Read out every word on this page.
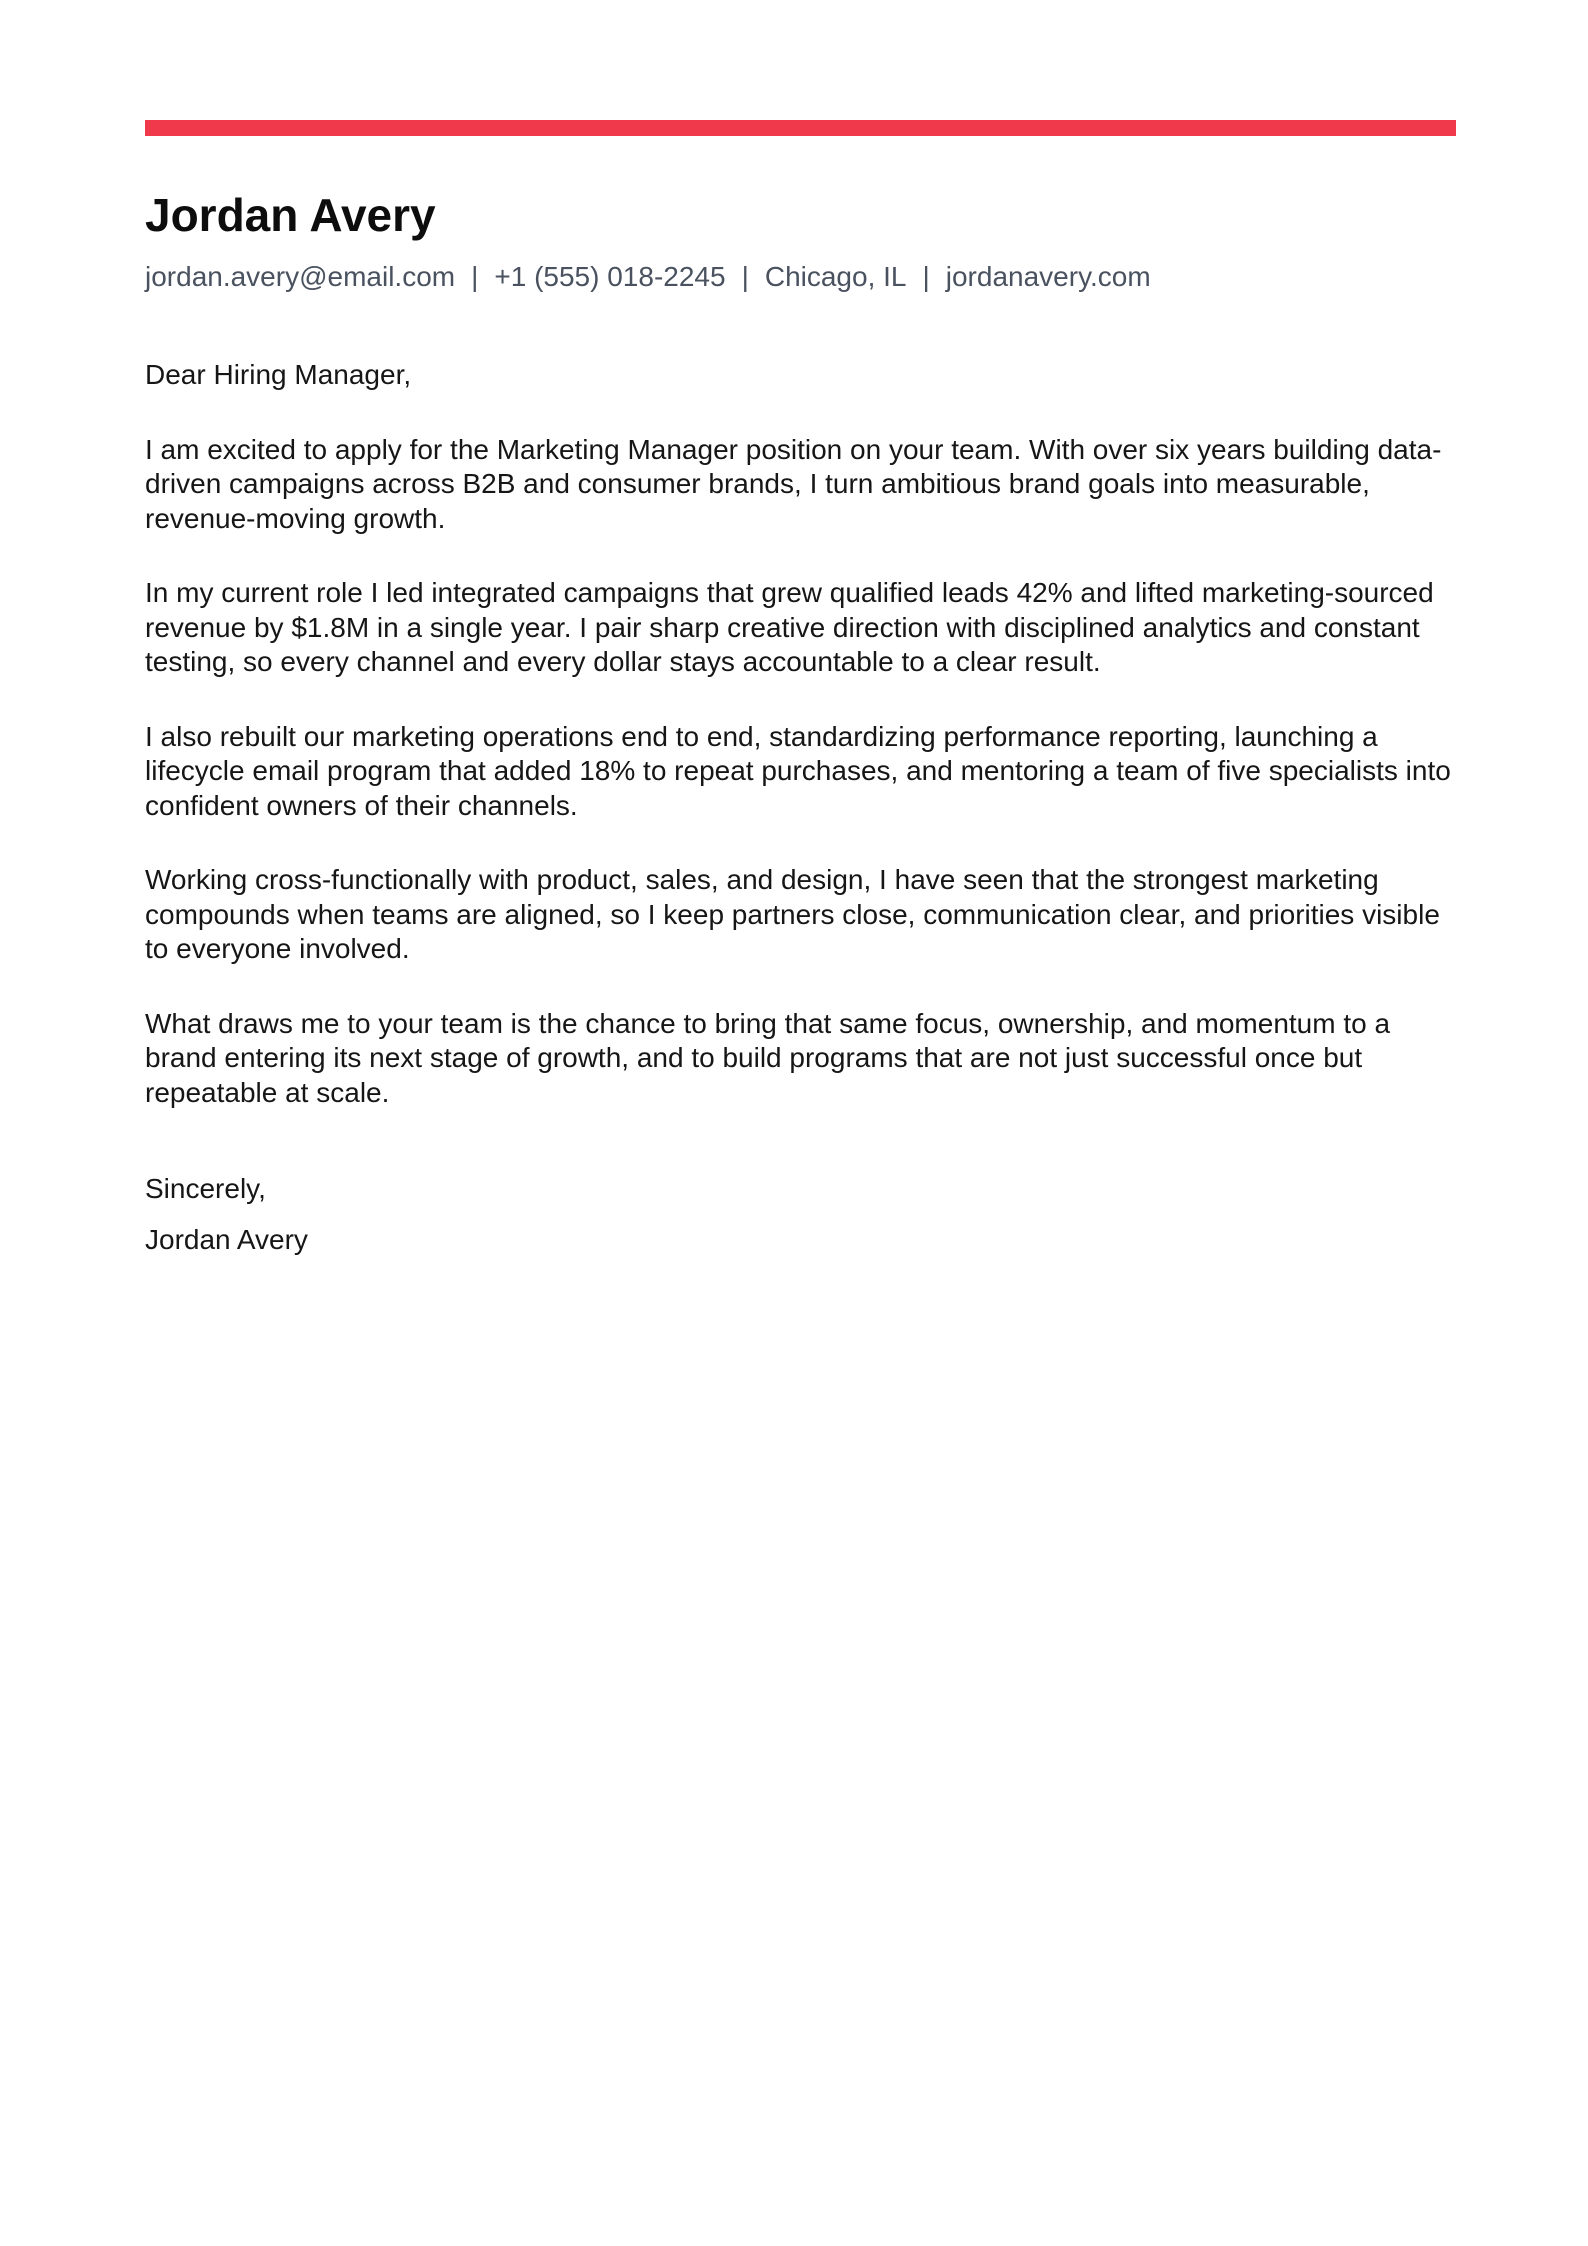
Jordan Avery
jordan.avery@email.com | +1 (555) 018-2245 | Chicago, IL | jordanavery.com

Dear Hiring Manager,

I am excited to apply for the Marketing Manager position on your team. With over six years building data-driven campaigns across B2B and consumer brands, I turn ambitious brand goals into measurable, revenue-moving growth.

In my current role I led integrated campaigns that grew qualified leads 42% and lifted marketing-sourced revenue by $1.8M in a single year. I pair sharp creative direction with disciplined analytics and constant testing, so every channel and every dollar stays accountable to a clear result.

I also rebuilt our marketing operations end to end, standardizing performance reporting, launching a lifecycle email program that added 18% to repeat purchases, and mentoring a team of five specialists into confident owners of their channels.

Working cross-functionally with product, sales, and design, I have seen that the strongest marketing compounds when teams are aligned, so I keep partners close, communication clear, and priorities visible to everyone involved.

What draws me to your team is the chance to bring that same focus, ownership, and momentum to a brand entering its next stage of growth, and to build programs that are not just successful once but repeatable at scale.

Sincerely,
Jordan Avery
